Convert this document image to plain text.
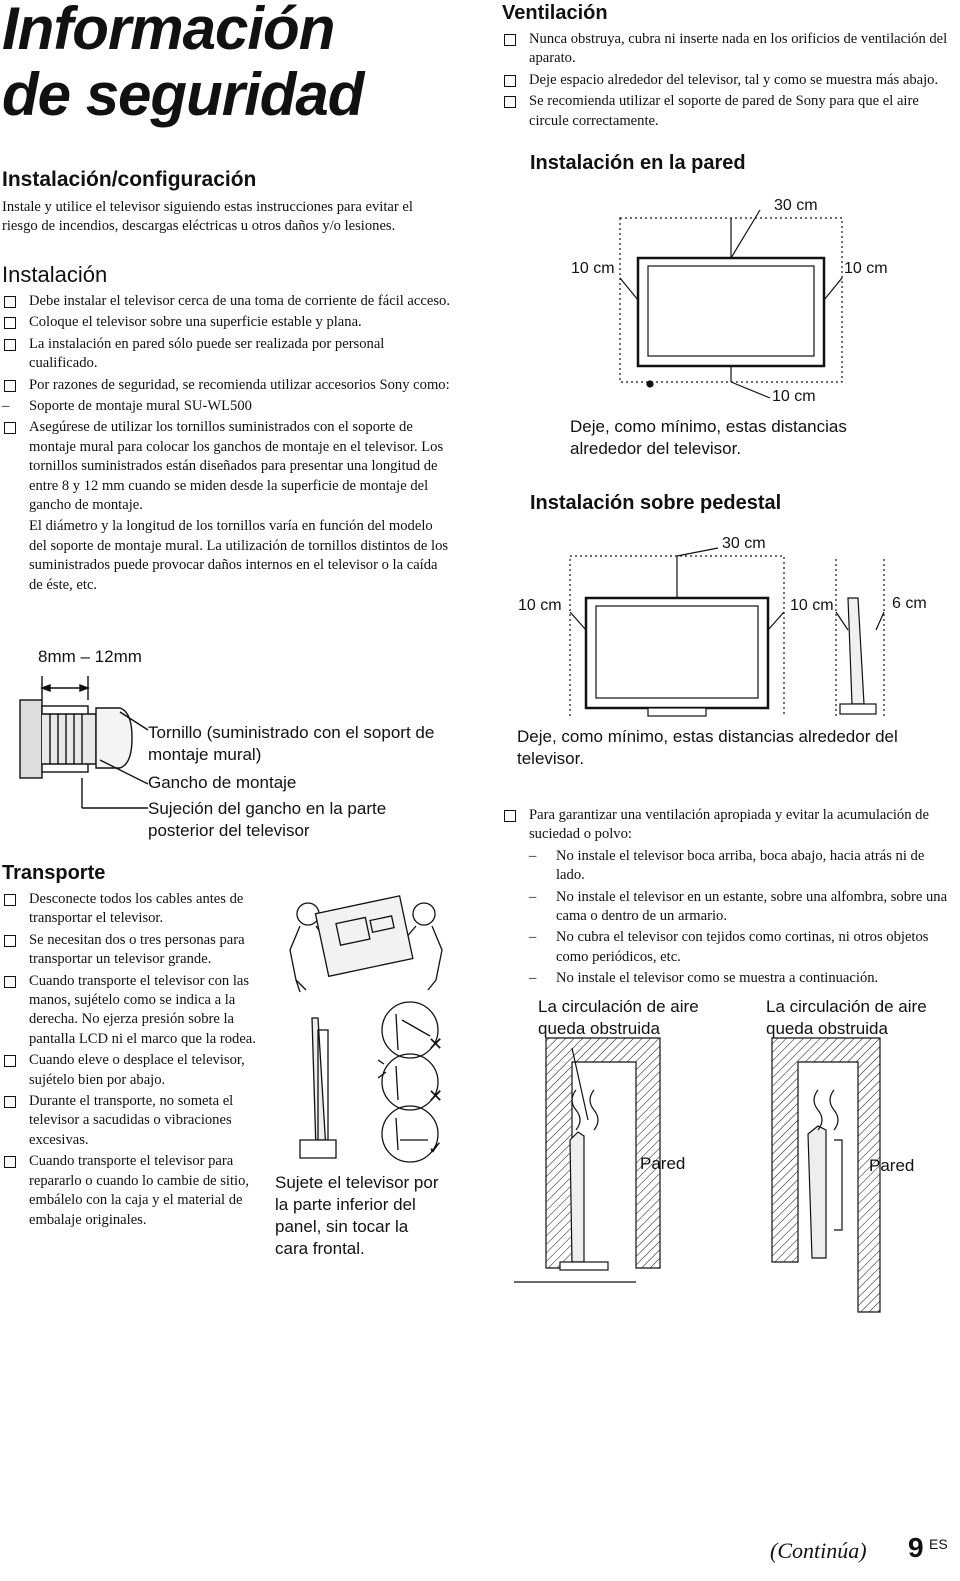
Información
de seguridad
Instalación/configuración
Instale y utilice el televisor siguiendo estas instrucciones para evitar el riesgo de incendios, descargas eléctricas u otros daños y/o lesiones.
Instalación
Debe instalar el televisor cerca de una toma de corriente de fácil acceso.
Coloque el televisor sobre una superficie estable y plana.
La instalación en pared sólo puede ser realizada por personal cualificado.
Por razones de seguridad, se recomienda utilizar accesorios Sony como:
– Soporte de montaje mural SU-WL500
Asegúrese de utilizar los tornillos suministrados con el soporte de montaje mural para colocar los ganchos de montaje en el televisor. Los tornillos suministrados están diseñados para presentar una longitud de entre 8 y 12 mm cuando se miden desde la superficie de montaje del gancho de montaje.
El diámetro y la longitud de los tornillos varía en función del modelo del soporte de montaje mural. La utilización de tornillos distintos de los suministrados puede provocar daños internos en el televisor o la caída de éste, etc.
8mm – 12mm
Tornillo (suministrado con el soport de montaje mural)
Gancho de montaje
Sujeción del gancho en la parte posterior del televisor
Transporte
Desconecte todos los cables antes de transportar el televisor.
Se necesitan dos o tres personas para transportar un televisor grande.
Cuando transporte el televisor con las manos, sujételo como se indica a la derecha. No ejerza presión sobre la pantalla LCD ni el marco que la rodea.
Cuando eleve o desplace el televisor, sujételo bien por abajo.
Durante el transporte, no someta el televisor a sacudidas o vibraciones excesivas.
Cuando transporte el televisor para repararlo o cuando lo cambie de sitio, embálelo con la caja y el material de embalaje originales.
✕
✕
✓
Sujete el televisor por la parte inferior del panel, sin tocar la cara frontal.
Ventilación
Nunca obstruya, cubra ni inserte nada en los orificios de ventilación del aparato.
Deje espacio alrededor del televisor, tal y como se muestra más abajo.
Se recomienda utilizar el soporte de pared de Sony para que el aire circule correctamente.
Instalación en la pared
30 cm
10 cm	10 cm
10 cm
Deje, como mínimo, estas distancias alrededor del televisor.
Instalación sobre pedestal
30 cm
10 cm	10 cm	6 cm
Deje, como mínimo, estas distancias alrededor del televisor.
Para garantizar una ventilación apropiada y evitar la acumulación de suciedad o polvo:
– No instale el televisor boca arriba, boca abajo, hacia atrás ni de lado.
– No instale el televisor en un estante, sobre una alfombra, sobre una cama o dentro de un armario.
– No cubra el televisor con tejidos como cortinas, ni otros objetos como periódicos, etc.
– No instale el televisor como se muestra a continuación.
La circulación de aire queda obstruida
La circulación de aire queda obstruida
Pared	Pared
(Continúa) 9 ES
